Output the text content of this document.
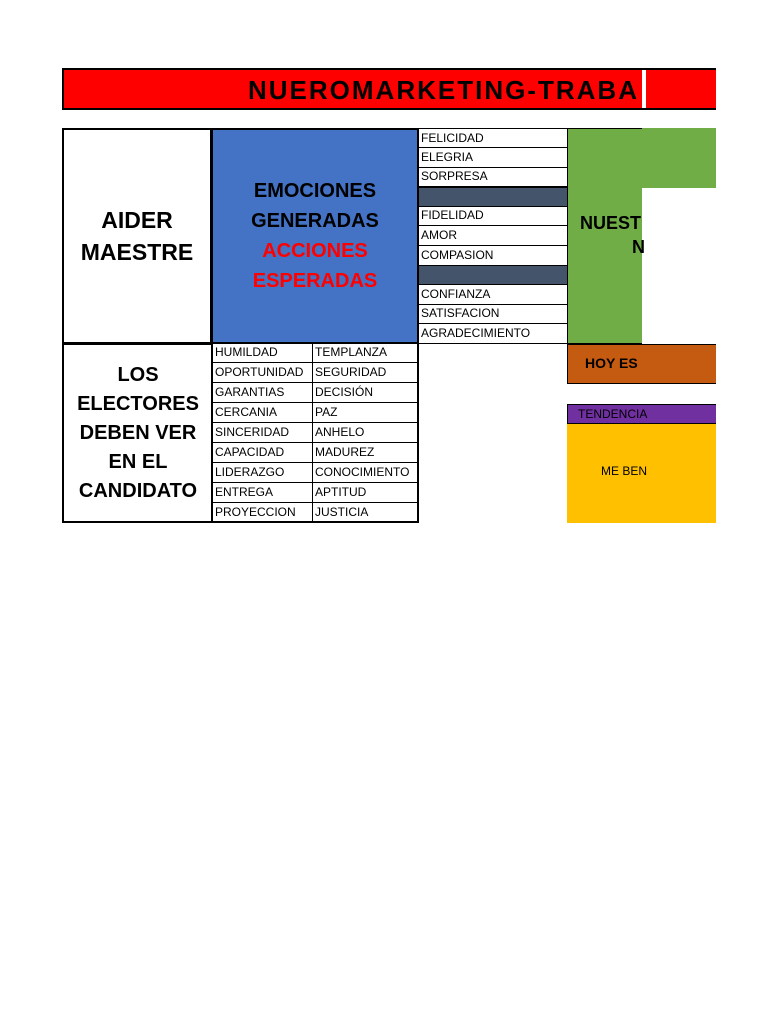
NUEROMARKETING-TRABA
AIDER
MAESTRE
EMOCIONES
GENERADAS
ACCIONES
ESPERADAS
FELICIDAD
ELEGRIA
SORPRESA
FIDELIDAD
AMOR
COMPASION
CONFIANZA
SATISFACION
AGRADECIMIENTO
LOS
ELECTORES
DEBEN VER
EN EL
CANDIDATO
HUMILDAD	TEMPLANZA
OPORTUNIDAD SEGURIDAD
GARANTIAS	DECISIÓN
CERCANIA	PAZ
SINCERIDAD	ANHELO
CAPACIDAD	MADUREZ
LIDERAZGO	CONOCIMIENTO
ENTREGA	APTITUD
PROYECCION	JUSTICIA
NUEST
N
HOY ES
TENDENCIA
ME BEN
